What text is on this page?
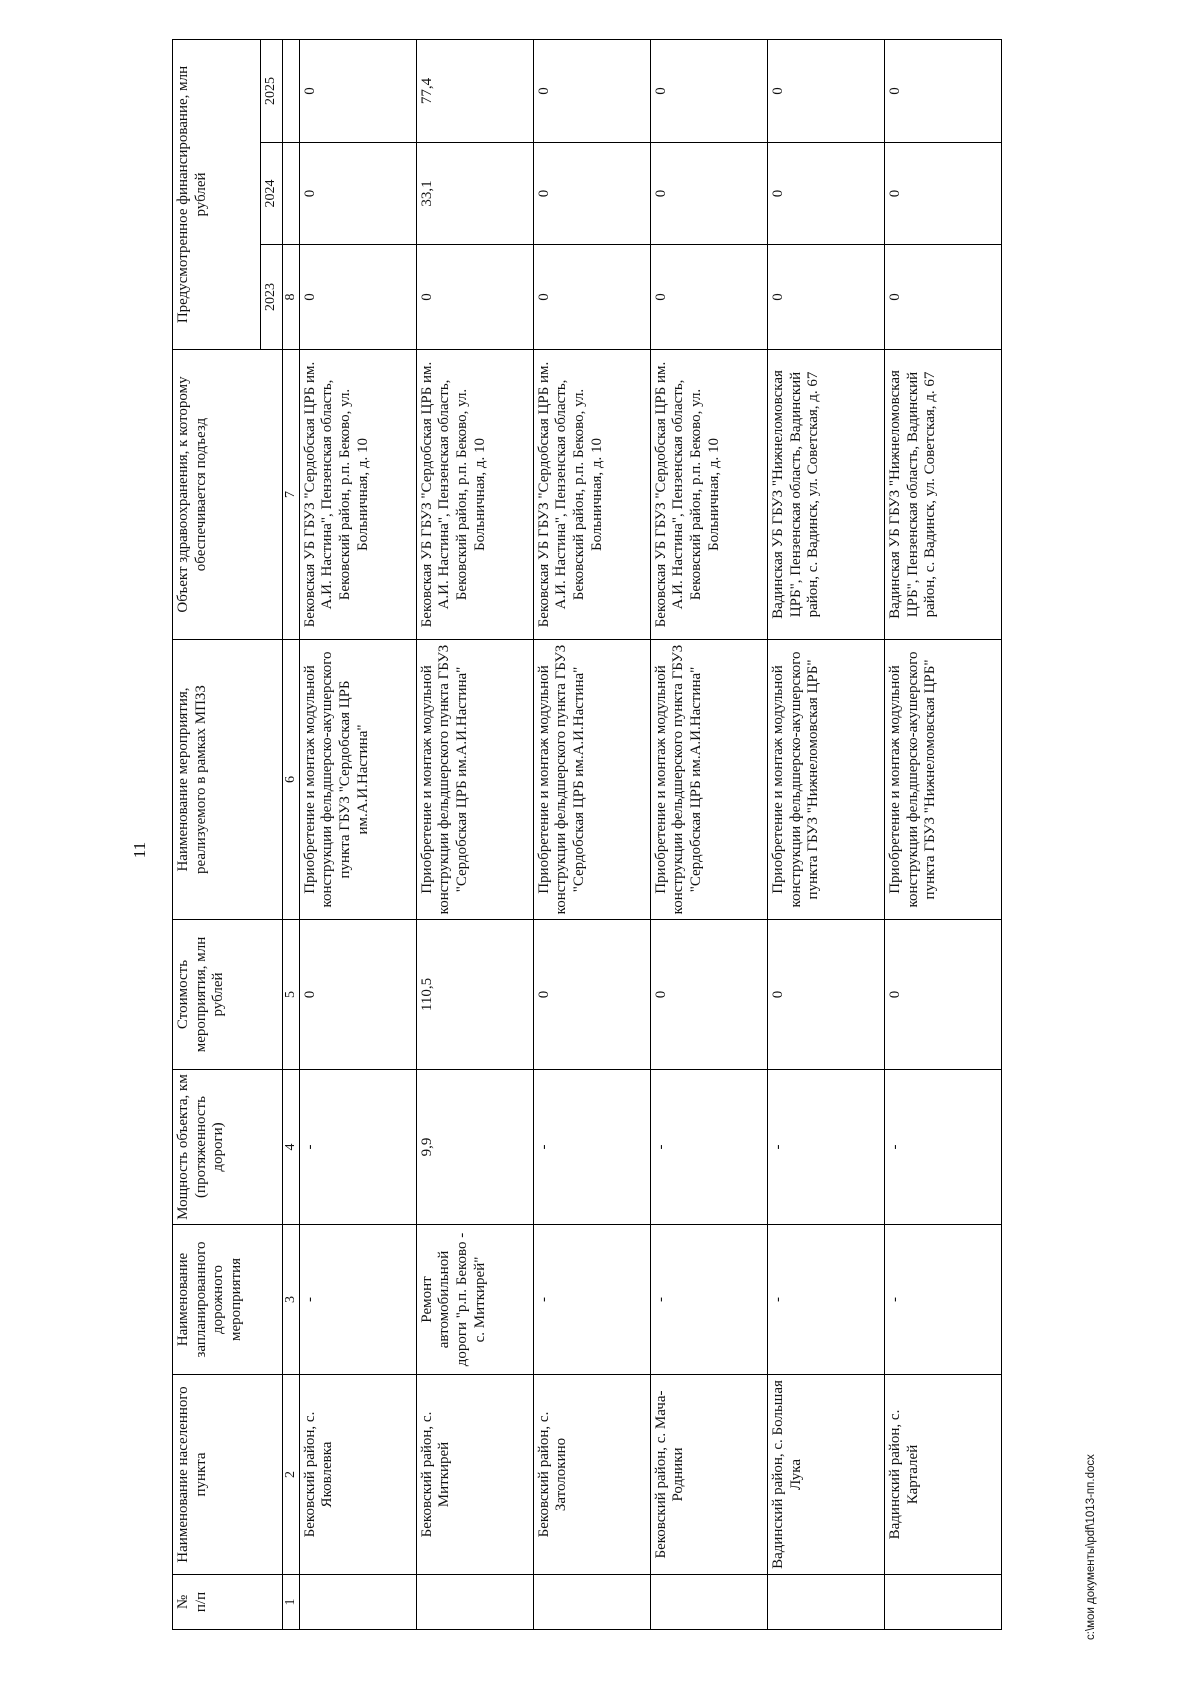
11
№
п/п	Наименование населенного пункта	Наименование запланированного дорожного мероприятия	Мощность объекта, км (протяженность дороги)	Стоимость мероприятия, млн рублей	Наименование мероприятия, реализуемого в рамках МПЗЗ	Объект здравоохранения, к которому обеспечивается подъезд	Предусмотренное финансирование, млн рублей		
							2023	2024	2025
1	2	3	4	5	6	7	8		
	Бековский район, с. Яковлевка	-	-	0	Приобретение и монтаж модульной конструкции фельдшерско-акушерского пункта ГБУЗ "Сердобская ЦРБ им.А.И.Настина"	Бековская УБ ГБУЗ "Сердобская ЦРБ им. А.И. Настина", Пензенская область, Бековский район, р.п. Беково, ул. Больничная, д. 10	0	0	0
	Бековский район, с. Миткирей	Ремонт автомобильной дороги "р.п. Беково - с. Миткирей"	9,9	110,5	Приобретение и монтаж модульной конструкции фельдшерского пункта ГБУЗ "Сердобская ЦРБ им.А.И.Настина"	Бековская УБ ГБУЗ "Сердобская ЦРБ им. А.И. Настина", Пензенская область, Бековский район, р.п. Беково, ул. Больничная, д. 10	0	33,1	77,4
	Бековский район, с. Затолокино	-	-	0	Приобретение и монтаж модульной конструкции фельдшерского пункта ГБУЗ "Сердобская ЦРБ им.А.И.Настина"	Бековская УБ ГБУЗ "Сердобская ЦРБ им. А.И. Настина", Пензенская область, Бековский район, р.п. Беково, ул. Больничная, д. 10	0	0	0
	Бековский район, с. Мача-Родники	-	-	0	Приобретение и монтаж модульной конструкции фельдшерского пункта ГБУЗ "Сердобская ЦРБ им.А.И.Настина"	Бековская УБ ГБУЗ "Сердобская ЦРБ им. А.И. Настина", Пензенская область, Бековский район, р.п. Беково, ул. Больничная, д. 10	0	0	0
	Вадинский район, с. Большая Лука	-	-	0	Приобретение и монтаж модульной конструкции фельдшерско-акушерского пункта ГБУЗ "Нижнеломовская ЦРБ"	Вадинская УБ ГБУЗ "Нижнеломовская ЦРБ", Пензенская область, Вадинский район, с. Вадинск, ул. Советская, д. 67	0	0	0
	Вадинский район, с. Карталей	-	-	0	Приобретение и монтаж модульной конструкции фельдшерско-акушерского пункта ГБУЗ "Нижнеломовская ЦРБ"	Вадинская УБ ГБУЗ "Нижнеломовская ЦРБ", Пензенская область, Вадинский район, с. Вадинск, ул. Советская, д. 67	0	0	0
c:\мои документы\pdf\1013-пп.docx
